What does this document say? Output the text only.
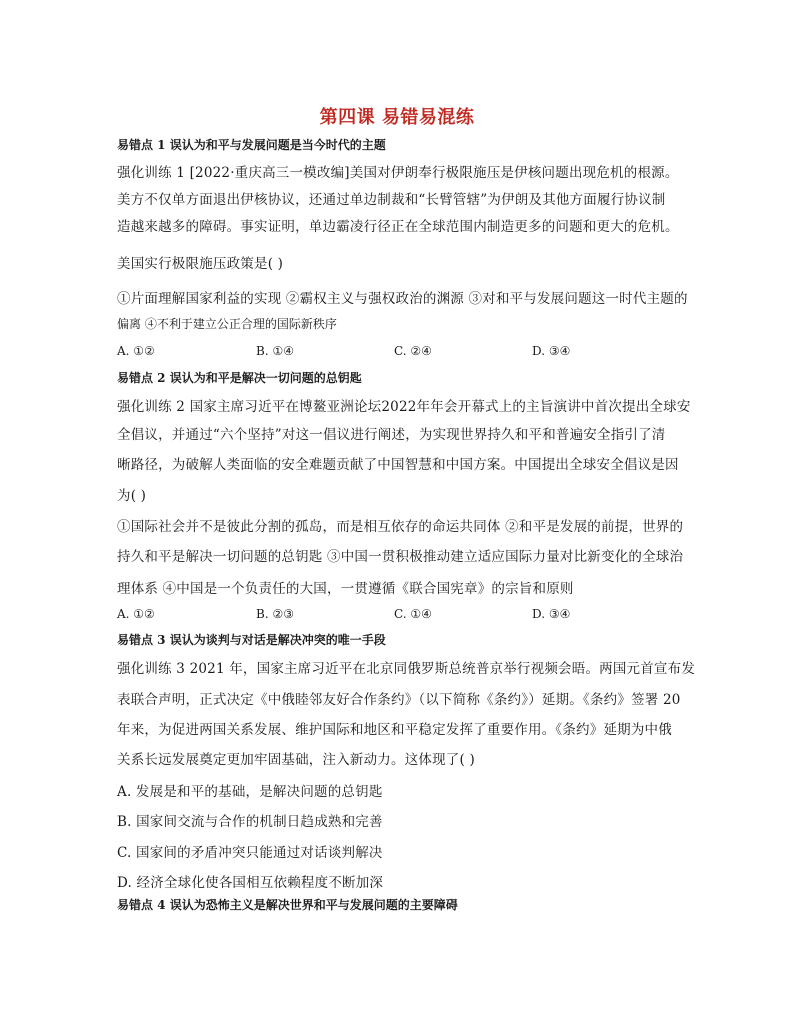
第四课 易错易混练
易错点 1 误认为和平与发展问题是当今时代的主题
强化训练 1 [2022·重庆高三一模改编]美国对伊朗奉行极限施压是伊核问题出现危机的根源。
美方不仅单方面退出伊核协议，还通过单边制裁和“长臂管辖”为伊朗及其他方面履行协议制
造越来越多的障碍。事实证明，单边霸凌行径正在全球范围内制造更多的问题和更大的危机。
美国实行极限施压政策是( )
①片面理解国家利益的实现 ②霸权主义与强权政治的渊源 ③对和平与发展问题这一时代主题的
偏离 ④不利于建立公正合理的国际新秩序
A. ①②	B. ①④	C. ②④	D. ③④
易错点 2 误认为和平是解决一切问题的总钥匙
强化训练 2 国家主席习近平在博鳌亚洲论坛2022年年会开幕式上的主旨演讲中首次提出全球安
全倡议，并通过“六个坚持”对这一倡议进行阐述，为实现世界持久和平和普遍安全指引了清
晰路径，为破解人类面临的安全难题贡献了中国智慧和中国方案。中国提出全球安全倡议是因
为( )
①国际社会并不是彼此分割的孤岛，而是相互依存的命运共同体 ②和平是发展的前提，世界的
持久和平是解决一切问题的总钥匙 ③中国一贯积极推动建立适应国际力量对比新变化的全球治
理体系 ④中国是一个负责任的大国，一贯遵循《联合国宪章》的宗旨和原则
A. ①②	B. ②③	C. ①④	D. ③④
易错点 3 误认为谈判与对话是解决冲突的唯一手段
强化训练 3 2021 年，国家主席习近平在北京同俄罗斯总统普京举行视频会晤。两国元首宣布发
表联合声明，正式决定《中俄睦邻友好合作条约》（以下简称《条约》）延期。《条约》签署 20
年来，为促进两国关系发展、维护国际和地区和平稳定发挥了重要作用。《条约》延期为中俄
关系长远发展奠定更加牢固基础，注入新动力。这体现了( )
A. 发展是和平的基础，是解决问题的总钥匙
B. 国家间交流与合作的机制日趋成熟和完善
C. 国家间的矛盾冲突只能通过对话谈判解决
D. 经济全球化使各国相互依赖程度不断加深
易错点 4 误认为恐怖主义是解决世界和平与发展问题的主要障碍
